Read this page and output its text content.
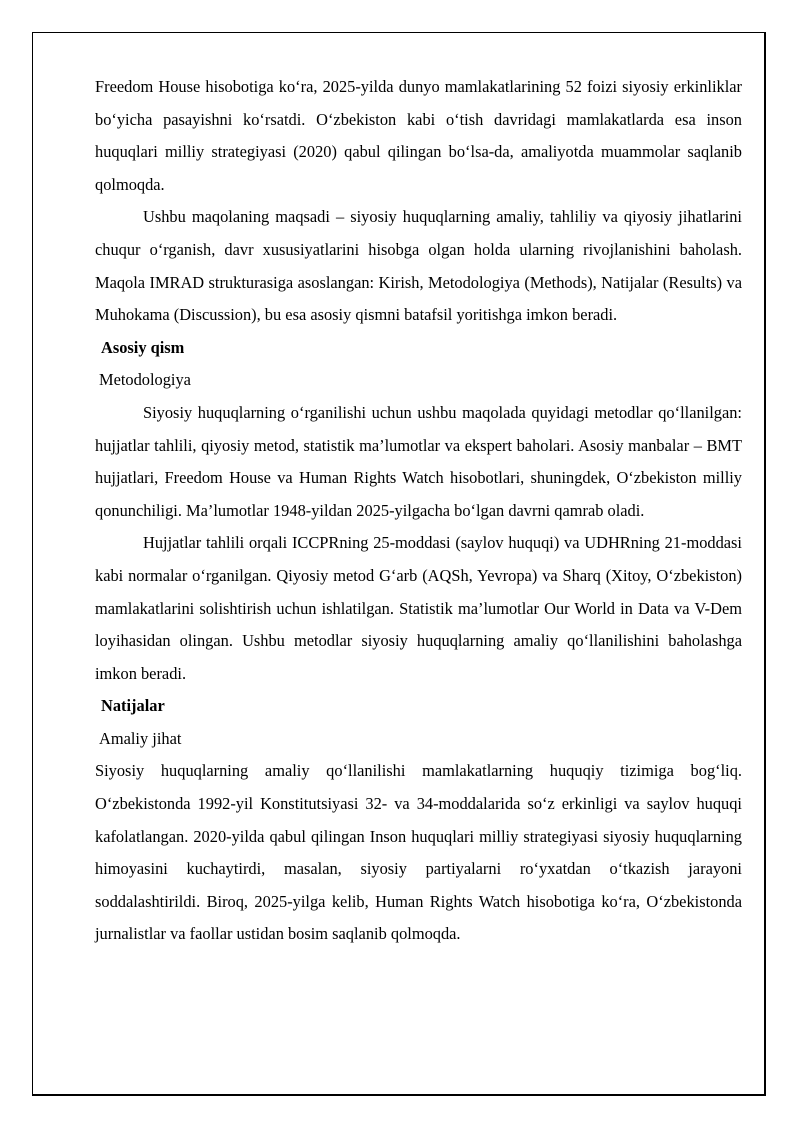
Freedom House hisobotiga ko‘ra, 2025-yilda dunyo mamlakatlarining 52 foizi siyosiy erkinliklar bo‘yicha pasayishni ko‘rsatdi. O‘zbekiston kabi o‘tish davridagi mamlakatlarda esa inson huquqlari milliy strategiyasi (2020) qabul qilingan bo‘lsa-da, amaliyotda muammolar saqlanib qolmoqda.

Ushbu maqolaning maqsadi – siyosiy huquqlarning amaliy, tahliliy va qiyosiy jihatlarini chuqur o‘rganish, davr xususiyatlarini hisobga olgan holda ularning rivojlanishini baholash. Maqola IMRAD strukturasiga asoslangan: Kirish, Metodologiya (Methods), Natijalar (Results) va Muhokama (Discussion), bu esa asosiy qismni batafsil yoritishga imkon beradi.

Asosiy qism

Metodologiya

Siyosiy huquqlarning o‘rganilishi uchun ushbu maqolada quyidagi metodlar qo‘llanilgan: hujjatlar tahlili, qiyosiy metod, statistik ma’lumotlar va ekspert baholari. Asosiy manbalar – BMT hujjatlari, Freedom House va Human Rights Watch hisobotlari, shuningdek, O‘zbekiston milliy qonunchiligi. Ma’lumotlar 1948-yildan 2025-yilgacha bo‘lgan davrni qamrab oladi.

Hujjatlar tahlili orqali ICCPRning 25-moddasi (saylov huquqi) va UDHRning 21-moddasi kabi normalar o‘rganilgan. Qiyosiy metod G‘arb (AQSh, Yevropa) va Sharq (Xitoy, O‘zbekiston) mamlakatlarini solishtirish uchun ishlatilgan. Statistik ma’lumotlar Our World in Data va V-Dem loyihasidan olingan. Ushbu metodlar siyosiy huquqlarning amaliy qo‘llanilishini baholashga imkon beradi.

Natijalar

Amaliy jihat

Siyosiy huquqlarning amaliy qo‘llanilishi mamlakatlarning huquqiy tizimiga bog‘liq. O‘zbekistonda 1992-yil Konstitutsiyasi 32- va 34-moddalarida so‘z erkinligi va saylov huquqi kafolatlangan. 2020-yilda qabul qilingan Inson huquqlari milliy strategiyasi siyosiy huquqlarning himoyasini kuchaytirdi, masalan, siyosiy partiyalarni ro‘yxatdan o‘tkazish jarayoni soddalashtirildi. Biroq, 2025-yilga kelib, Human Rights Watch hisobotiga ko‘ra, O‘zbekistonda jurnalistlar va faollar ustidan bosim saqlanib qolmoqda.
